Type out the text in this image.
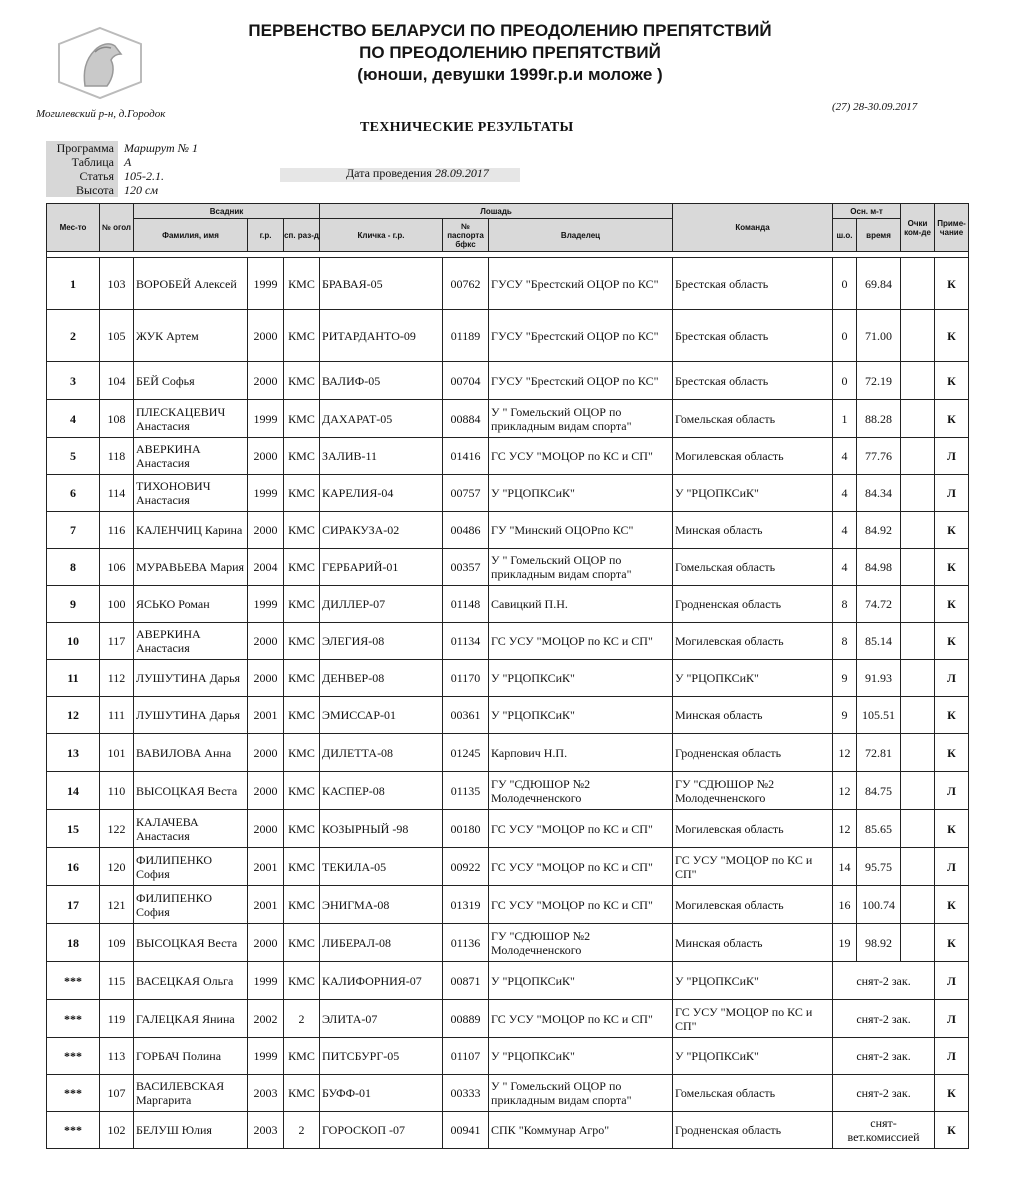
ПЕРВЕНСТВО БЕЛАРУСИ ПО ПРЕОДОЛЕНИЮ ПРЕПЯТСТВИЙ
ПО ПРЕОДОЛЕНИЮ ПРЕПЯТСТВИЙ
(юноши, девушки 1999г.р.и моложе )
Могилевский р-н, д.Городок
(27) 28-30.09.2017
ТЕХНИЧЕСКИЕ РЕЗУЛЬТАТЫ
Программа Маршрут № 1
Таблица А
Статья 105-2.1.
Высота 120 см
Дата проведения 28.09.2017
Мес-то	№ огол	Всадник			Лошадь			Команда	Осн. м-т		Очки ком-де	Приме-чание
		Фамилия, имя	г.р.	сп. раз-д	Кличка - г.р.	№ паспорта бфкс	Владелец		ш.о.	время		

1	103	ВОРОБЕЙ Алексей	1999	КМС	БРАВАЯ-05	00762	ГУСУ "Брестский ОЦОР по КС"	Брестская область	0	69.84		К
2	105	ЖУК Артем	2000	КМС	РИТАРДАНТО-09	01189	ГУСУ "Брестский ОЦОР по КС"	Брестская область	0	71.00		К
3	104	БЕЙ Софья	2000	КМС	ВАЛИФ-05	00704	ГУСУ "Брестский ОЦОР по КС"	Брестская область	0	72.19		К
4	108	ПЛЕСКАЦЕВИЧ Анастасия	1999	КМС	ДАХАРАТ-05	00884	У " Гомельский ОЦОР по прикладным видам спорта"	Гомельская область	1	88.28		К
5	118	АВЕРКИНА Анастасия	2000	КМС	ЗАЛИВ-11	01416	ГС УСУ "МОЦОР по КС и СП"	Могилевская область	4	77.76		Л
6	114	ТИХОНОВИЧ Анастасия	1999	КМС	КАРЕЛИЯ-04	00757	У "РЦОПКСиК"	У "РЦОПКСиК"	4	84.34		Л
7	116	КАЛЕНЧИЦ Карина	2000	КМС	СИРАКУЗА-02	00486	ГУ "Минский ОЦОРпо КС"	Минская область	4	84.92		К
8	106	МУРАВЬЕВА Мария	2004	КМС	ГЕРБАРИЙ-01	00357	У " Гомельский ОЦОР по прикладным видам спорта"	Гомельская область	4	84.98		К
9	100	ЯСЬКО Роман	1999	КМС	ДИЛЛЕР-07	01148	Савицкий П.Н.	Гродненская область	8	74.72		К
10	117	АВЕРКИНА Анастасия	2000	КМС	ЭЛЕГИЯ-08	01134	ГС УСУ "МОЦОР по КС и СП"	Могилевская область	8	85.14		К
11	112	ЛУШУТИНА Дарья	2000	КМС	ДЕНВЕР-08	01170	У "РЦОПКСиК"	У "РЦОПКСиК"	9	91.93		Л
12	111	ЛУШУТИНА Дарья	2001	КМС	ЭМИССАР-01	00361	У "РЦОПКСиК"	Минская область	9	105.51		К
13	101	ВАВИЛОВА Анна	2000	КМС	ДИЛЕТТА-08	01245	Карпович Н.П.	Гродненская область	12	72.81		К
14	110	ВЫСОЦКАЯ Веста	2000	КМС	КАСПЕР-08	01135	ГУ "СДЮШОР №2 Молодечненского	ГУ "СДЮШОР №2 Молодечненского	12	84.75		Л
15	122	КАЛАЧЕВА Анастасия	2000	КМС	КОЗЫРНЫЙ -98	00180	ГС УСУ "МОЦОР по КС и СП"	Могилевская область	12	85.65		К
16	120	ФИЛИПЕНКО София	2001	КМС	ТЕКИЛА-05	00922	ГС УСУ "МОЦОР по КС и СП"	ГС УСУ "МОЦОР по КС и СП"	14	95.75		Л
17	121	ФИЛИПЕНКО София	2001	КМС	ЭНИГМА-08	01319	ГС УСУ "МОЦОР по КС и СП"	Могилевская область	16	100.74		К
18	109	ВЫСОЦКАЯ Веста	2000	КМС	ЛИБЕРАЛ-08	01136	ГУ "СДЮШОР №2 Молодечненского	Минская область	19	98.92		К
***	115	ВАСЕЦКАЯ Ольга	1999	КМС	КАЛИФОРНИЯ-07	00871	У "РЦОПКСиК"	У "РЦОПКСиК"	снят-2 зак.			Л
***	119	ГАЛЕЦКАЯ Янина	2002	2	ЭЛИТА-07	00889	ГС УСУ "МОЦОР по КС и СП"	ГС УСУ "МОЦОР по КС и СП"	снят-2 зак.			Л
***	113	ГОРБАЧ Полина	1999	КМС	ПИТСБУРГ-05	01107	У "РЦОПКСиК"	У "РЦОПКСиК"	снят-2 зак.			Л
***	107	ВАСИЛЕВСКАЯ Маргарита	2003	КМС	БУФФ-01	00333	У " Гомельский ОЦОР по прикладным видам спорта"	Гомельская область	снят-2 зак.			К
***	102	БЕЛУШ Юлия	2003	2	ГОРОСКОП -07	00941	СПК "Коммунар Агро"	Гродненская область	снят- вет.комиссией			К
